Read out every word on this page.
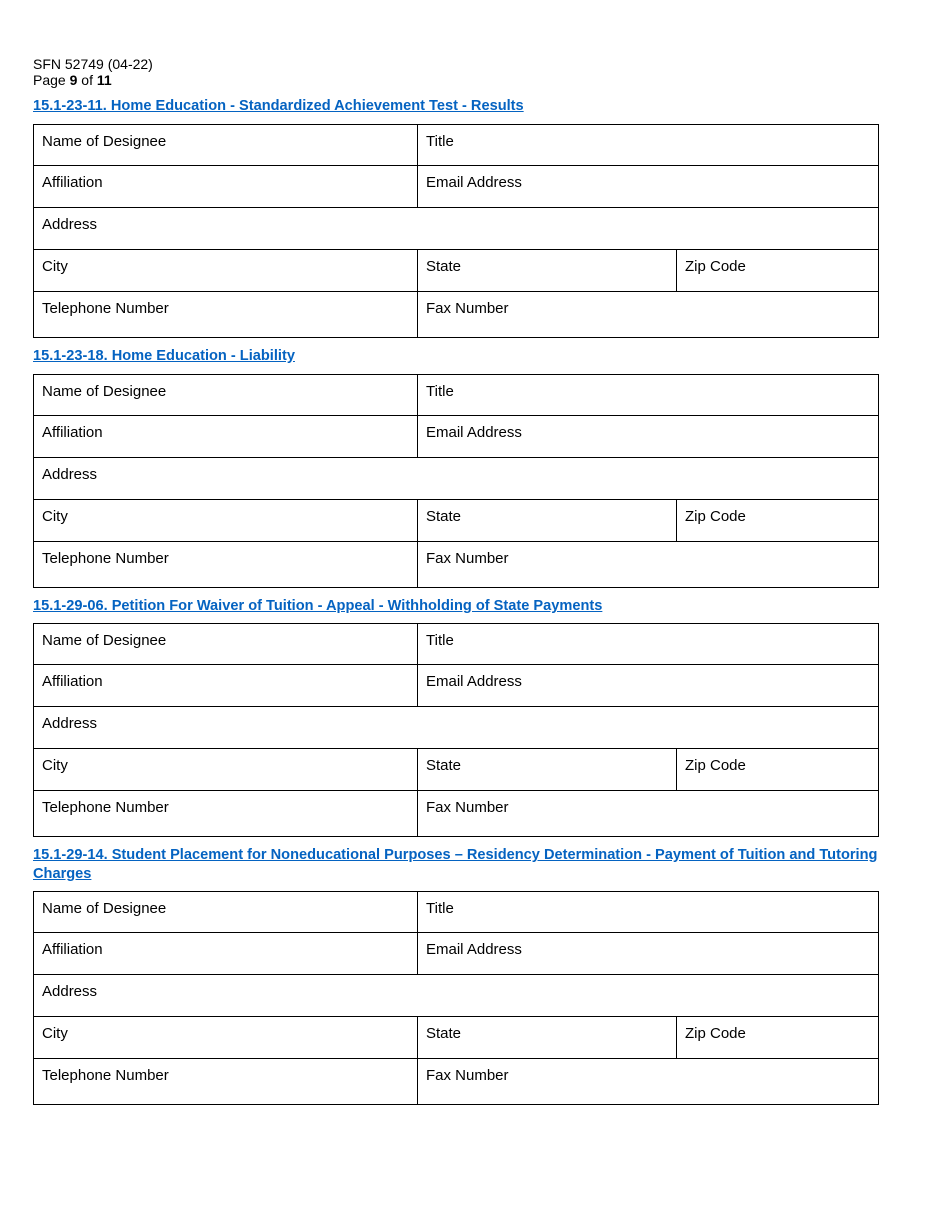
SFN 52749 (04-22)
Page 9 of 11
15.1-23-11. Home Education - Standardized Achievement Test - Results
Name of Designee	Title
Affiliation	Email Address
Address
City	State	Zip Code
Telephone Number	Fax Number
15.1-23-18. Home Education - Liability
Name of Designee	Title
Affiliation	Email Address
Address
City	State	Zip Code
Telephone Number	Fax Number
15.1-29-06. Petition For Waiver of Tuition - Appeal - Withholding of State Payments
Name of Designee	Title
Affiliation	Email Address
Address
City	State	Zip Code
Telephone Number	Fax Number
15.1-29-14. Student Placement for Noneducational Purposes – Residency Determination - Payment of Tuition and Tutoring Charges
Name of Designee	Title
Affiliation	Email Address
Address
City	State	Zip Code
Telephone Number	Fax Number
